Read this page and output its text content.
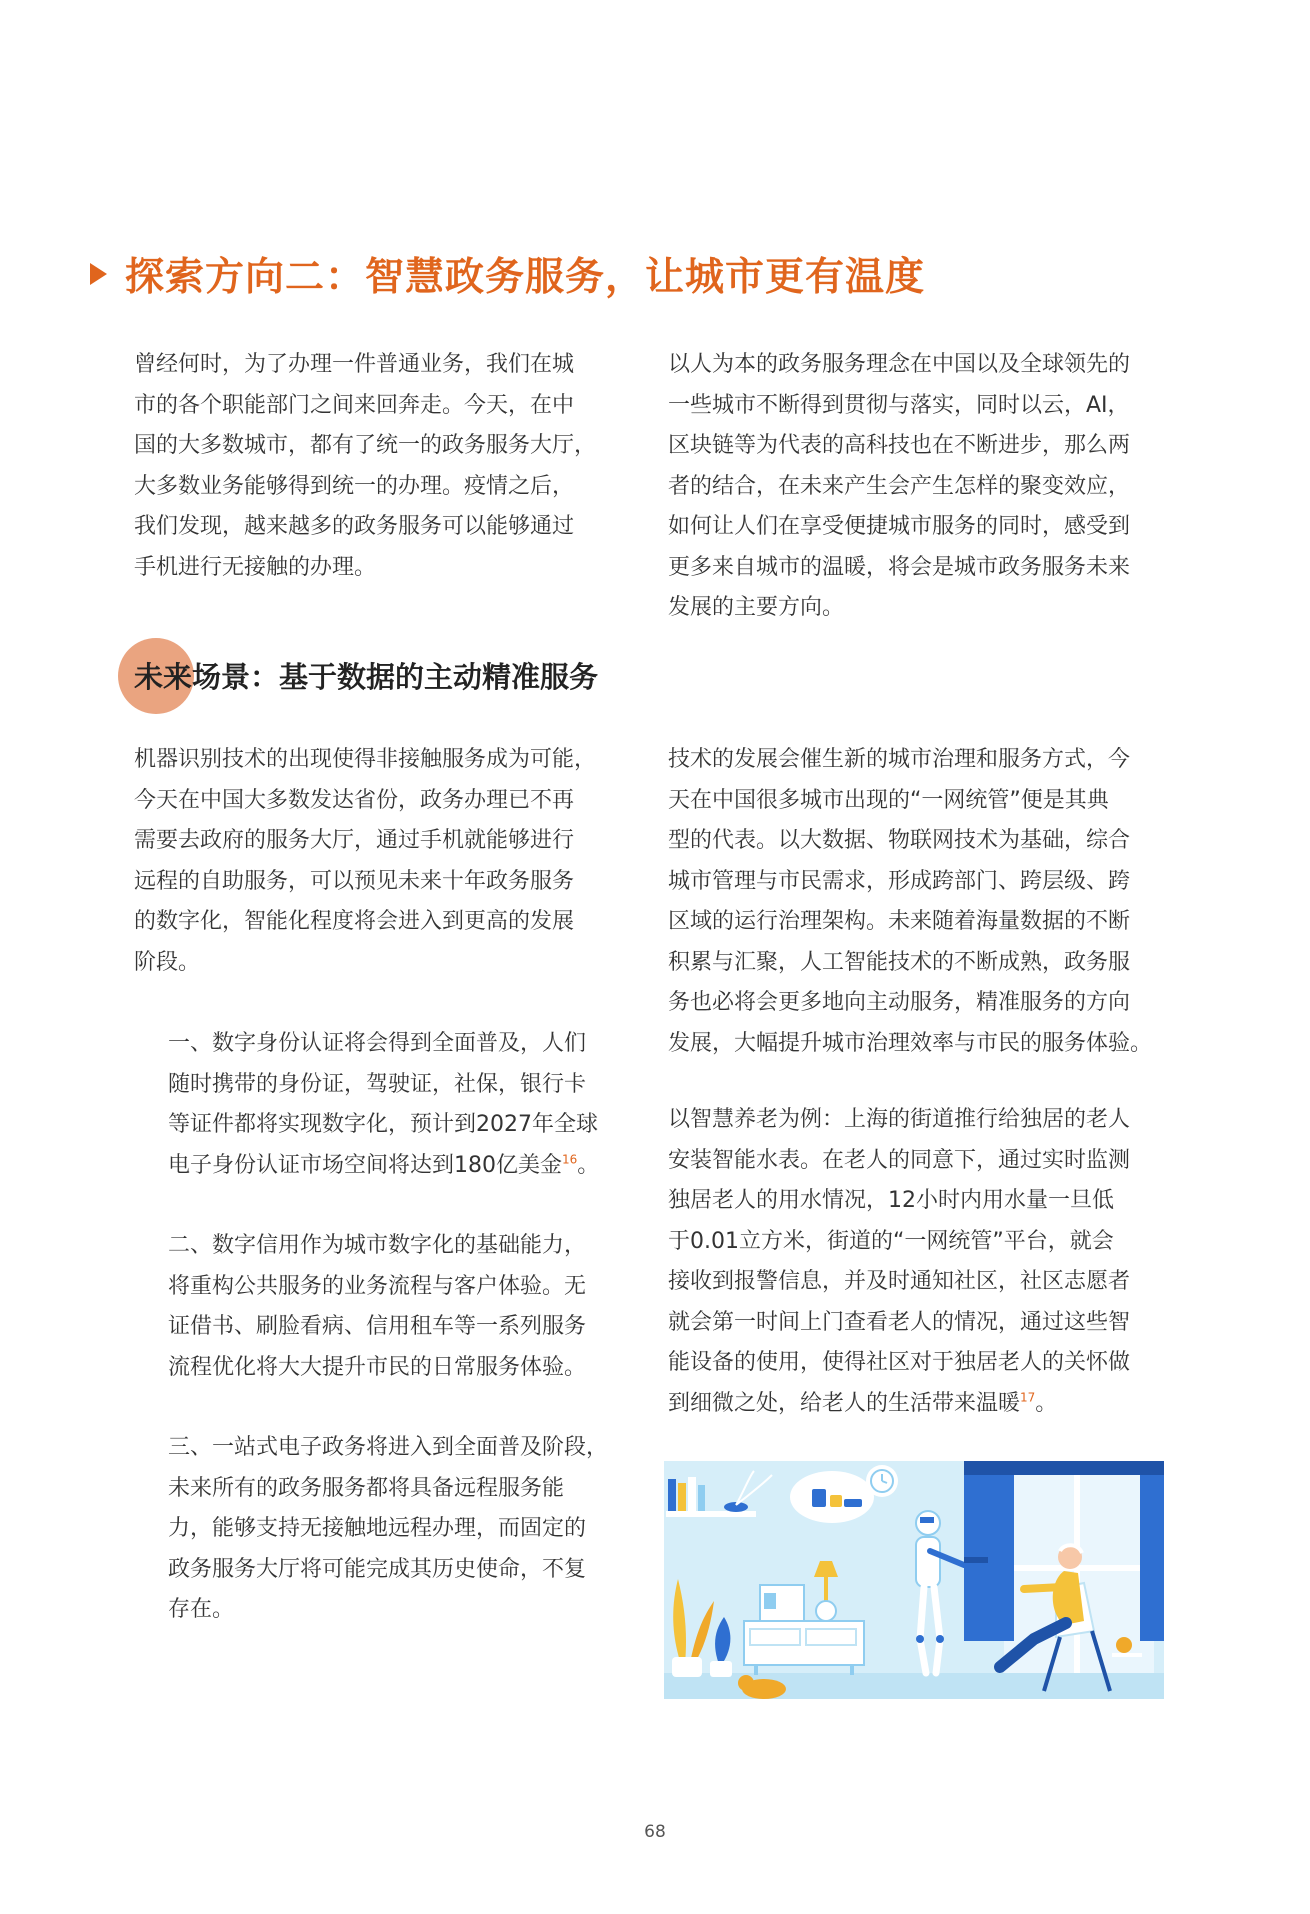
探索方向二：智慧政务服务，让城市更有温度
曾经何时，为了办理一件普通业务，我们在城
市的各个职能部门之间来回奔走。今天，在中
国的大多数城市，都有了统一的政务服务大厅，
大多数业务能够得到统一的办理。疫情之后，
我们发现，越来越多的政务服务可以能够通过
手机进行无接触的办理。
以人为本的政务服务理念在中国以及全球领先的
一些城市不断得到贯彻与落实，同时以云，AI，
区块链等为代表的高科技也在不断进步，那么两
者的结合，在未来产生会产生怎样的聚变效应，
如何让人们在享受便捷城市服务的同时，感受到
更多来自城市的温暖，将会是城市政务服务未来
发展的主要方向。
未来场景：基于数据的主动精准服务
机器识别技术的出现使得非接触服务成为可能，
今天在中国大多数发达省份，政务办理已不再
需要去政府的服务大厅，通过手机就能够进行
远程的自助服务，可以预见未来十年政务服务
的数字化，智能化程度将会进入到更高的发展
阶段。
一、数字身份认证将会得到全面普及，人们
随时携带的身份证，驾驶证，社保，银行卡
等证件都将实现数字化，预计到2027年全球
电子身份认证市场空间将达到180亿美金$^{16}$。
二、数字信用作为城市数字化的基础能力，
将重构公共服务的业务流程与客户体验。无
证借书、刷脸看病、信用租车等一系列服务
流程优化将大大提升市民的日常服务体验。
三、一站式电子政务将进入到全面普及阶段，
未来所有的政务服务都将具备远程服务能
力，能够支持无接触地远程办理，而固定的
政务服务大厅将可能完成其历史使命，不复
存在。
技术的发展会催生新的城市治理和服务方式，今
天在中国很多城市出现的“一网统管”便是其典
型的代表。以大数据、物联网技术为基础，综合
城市管理与市民需求，形成跨部门、跨层级、跨
区域的运行治理架构。未来随着海量数据的不断
积累与汇聚，人工智能技术的不断成熟，政务服
务也必将会更多地向主动服务，精准服务的方向
发展，大幅提升城市治理效率与市民的服务体验。
以智慧养老为例：上海的街道推行给独居的老人
安装智能水表。在老人的同意下，通过实时监测
独居老人的用水情况，12小时内用水量一旦低
于0.01立方米，街道的“一网统管”平台，就会
接收到报警信息，并及时通知社区，社区志愿者
就会第一时间上门查看老人的情况，通过这些智
能设备的使用，使得社区对于独居老人的关怀做
到细微之处，给老人的生活带来温暖$^{17}$。
68
